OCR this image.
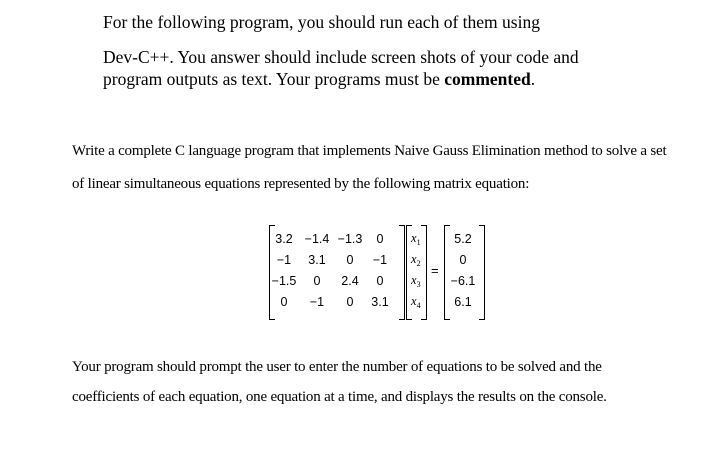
For the following program, you should run each of them using
Dev-C++. You answer should include screen shots of your code and
program outputs as text. Your programs must be commented.
Write a complete C language program that implements Naive Gauss Elimination method to solve a set
of linear simultaneous equations represented by the following matrix equation:
3.2 −1.4 −1.3	0
−1	3.1	0	−1
−1.5	0	2.4	0
0	−1	0	3.1
$x_1$
$x_2$
$x_3$
$x_4$
=
5.2
0
−6.1
6.1
Your program should prompt the user to enter the number of equations to be solved and the
coefficients of each equation, one equation at a time, and displays the results on the console.
